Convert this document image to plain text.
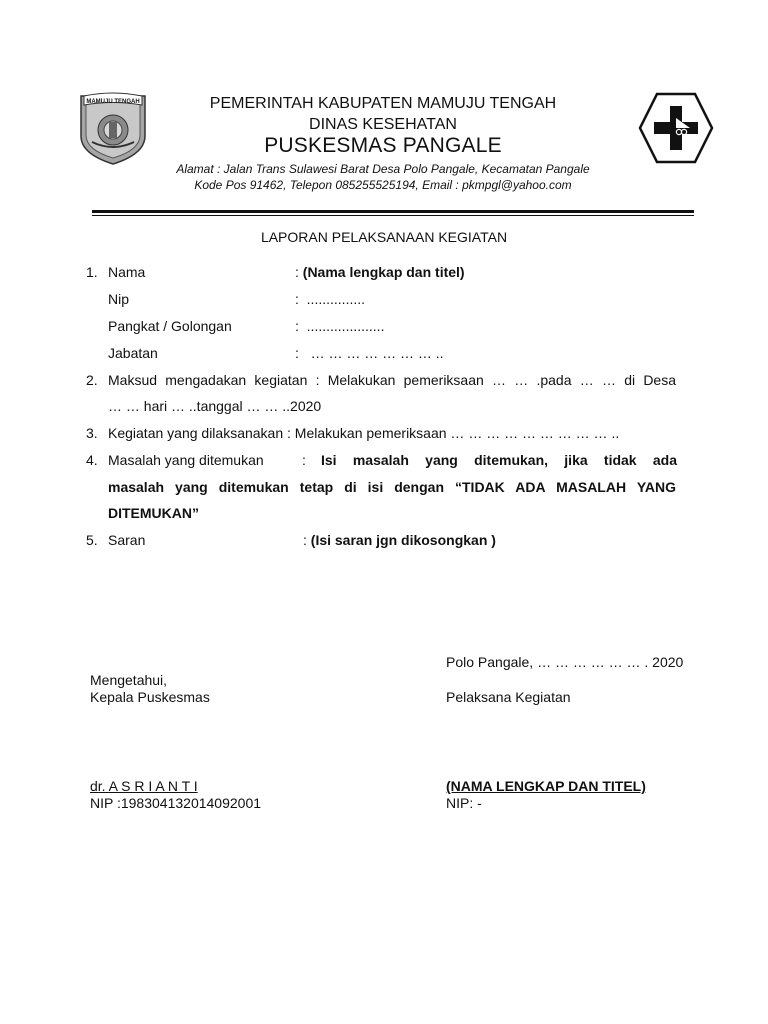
MAMUJU TENGAH	PEMERINTAH KABUPATEN MAMUJU TENGAH
DINAS KESEHATAN
PUSKESMAS PANGALE
Alamat : Jalan Trans Sulawesi Barat Desa Polo Pangale, Kecamatan Pangale
Kode Pos 91462, Telepon 085255525194, Email : pkmpgl@yahoo.com
LAPORAN PELAKSANAAN KEGIATAN
1. Nama	: (Nama lengkap dan titel)
Nip	: ...............
Pangkat / Golongan	: ....................
Jabatan	: … … … … … … … ..
2. Maksud mengadakan kegiatan : Melakukan pemeriksaan … … .pada … … di Desa
… … hari … ..tanggal … … ..2020
3. Kegiatan yang dilaksanakan : Melakukan pemeriksaan … … … … … … … … … ..
4. Masalah yang ditemukan	: Isi masalah yang ditemukan, jika tidak ada
masalah yang ditemukan tetap di isi dengan “TIDAK ADA MASALAH YANG
DITEMUKAN”
5. Saran	: (Isi saran jgn dikosongkan )
Polo Pangale, … … … … … … . 2020
Mengetahui,
Kepala Puskesmas	Pelaksana Kegiatan
dr. A S R I A N T I
NIP :198304132014092001
(NAMA LENGKAP DAN TITEL)
NIP: -
